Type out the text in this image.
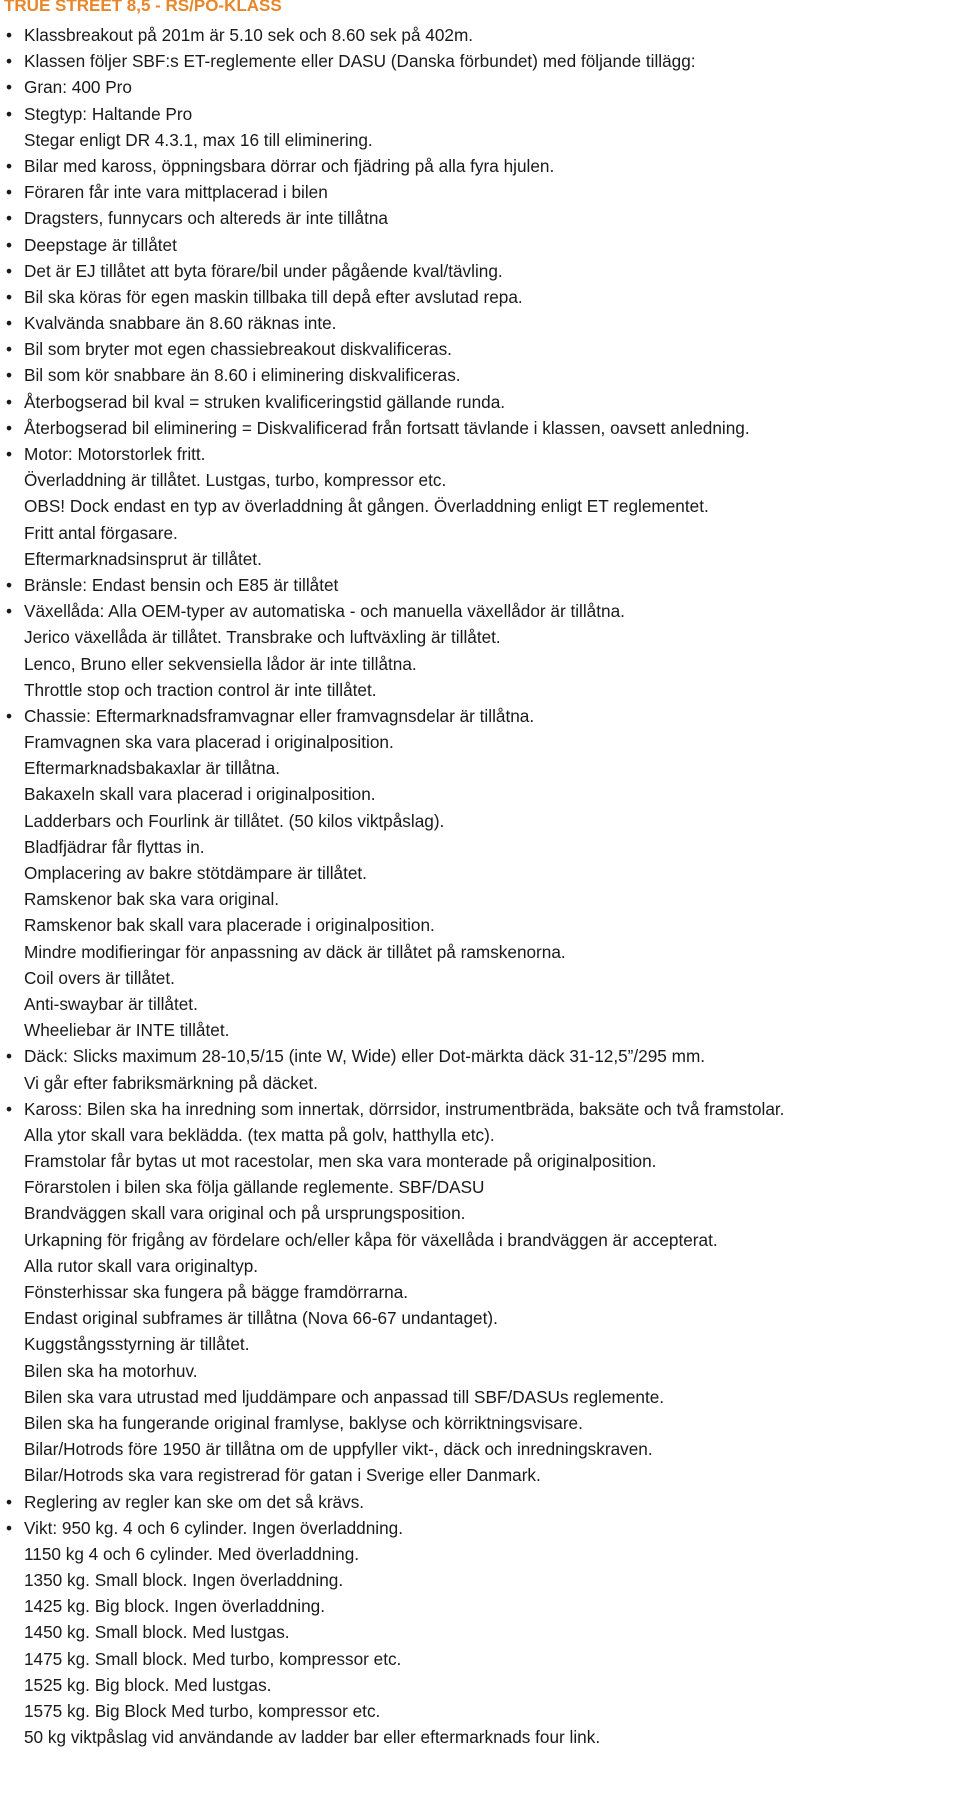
TRUE STREET 8,5 - RS/PO-KLASS
• Klassbreakout på 201m är 5.10 sek och 8.60 sek på 402m.
• Klassen följer SBF:s ET-reglemente eller DASU (Danska förbundet) med följande tillägg:
• Gran: 400 Pro
• Stegtyp: Haltande Pro
Stegar enligt DR 4.3.1, max 16 till eliminering.
• Bilar med kaross, öppningsbara dörrar och fjädring på alla fyra hjulen.
• Föraren får inte vara mittplacerad i bilen
• Dragsters, funnycars och altereds är inte tillåtna
• Deepstage är tillåtet
• Det är EJ tillåtet att byta förare/bil under pågående kval/tävling.
• Bil ska köras för egen maskin tillbaka till depå efter avslutad repa.
• Kvalvända snabbare än 8.60 räknas inte.
• Bil som bryter mot egen chassiebreakout diskvalificeras.
• Bil som kör snabbare än 8.60 i eliminering diskvalificeras.
• Återbogserad bil kval = struken kvalificeringstid gällande runda.
• Återbogserad bil eliminering = Diskvalificerad från fortsatt tävlande i klassen, oavsett anledning.
• Motor: Motorstorlek fritt.
Överladdning är tillåtet. Lustgas, turbo, kompressor etc.
OBS! Dock endast en typ av överladdning åt gången. Överladdning enligt ET reglementet.
Fritt antal förgasare.
Eftermarknadsinsprut är tillåtet.
• Bränsle: Endast bensin och E85 är tillåtet
• Växellåda: Alla OEM-typer av automatiska - och manuella växellådor är tillåtna.
Jerico växellåda är tillåtet. Transbrake och luftväxling är tillåtet.
Lenco, Bruno eller sekvensiella lådor är inte tillåtna.
Throttle stop och traction control är inte tillåtet.
• Chassie: Eftermarknadsframvagnar eller framvagnsdelar är tillåtna.
Framvagnen ska vara placerad i originalposition.
Eftermarknadsbakaxlar är tillåtna.
Bakaxeln skall vara placerad i originalposition.
Ladderbars och Fourlink är tillåtet. (50 kilos viktpåslag).
Bladfjädrar får flyttas in.
Omplacering av bakre stötdämpare är tillåtet.
Ramskenor bak ska vara original.
Ramskenor bak skall vara placerade i originalposition.
Mindre modifieringar för anpassning av däck är tillåtet på ramskenorna.
Coil overs är tillåtet.
Anti-swaybar är tillåtet.
Wheeliebar är INTE tillåtet.
• Däck: Slicks maximum 28-10,5/15 (inte W, Wide) eller Dot-märkta däck 31-12,5”/295 mm.
Vi går efter fabriksmärkning på däcket.
• Kaross: Bilen ska ha inredning som innertak, dörrsidor, instrumentbräda, baksäte och två framstolar.
Alla ytor skall vara beklädda. (tex matta på golv, hatthylla etc).
Framstolar får bytas ut mot racestolar, men ska vara monterade på originalposition.
Förarstolen i bilen ska följa gällande reglemente. SBF/DASU
Brandväggen skall vara original och på ursprungsposition.
Urkapning för frigång av fördelare och/eller kåpa för växellåda i brandväggen är accepterat.
Alla rutor skall vara originaltyp.
Fönsterhissar ska fungera på bägge framdörrarna.
Endast original subframes är tillåtna (Nova 66-67 undantaget).
Kuggstångsstyrning är tillåtet.
Bilen ska ha motorhuv.
Bilen ska vara utrustad med ljuddämpare och anpassad till SBF/DASUs reglemente.
Bilen ska ha fungerande original framlyse, baklyse och körriktningsvisare.
Bilar/Hotrods före 1950 är tillåtna om de uppfyller vikt-, däck och inredningskraven.
Bilar/Hotrods ska vara registrerad för gatan i Sverige eller Danmark.
• Reglering av regler kan ske om det så krävs.
• Vikt: 950 kg. 4 och 6 cylinder. Ingen överladdning.
1150 kg 4 och 6 cylinder. Med överladdning.
1350 kg. Small block. Ingen överladdning.
1425 kg. Big block. Ingen överladdning.
1450 kg. Small block. Med lustgas.
1475 kg. Small block. Med turbo, kompressor etc.
1525 kg. Big block. Med lustgas.
1575 kg. Big Block Med turbo, kompressor etc.
50 kg viktpåslag vid användande av ladder bar eller eftermarknads four link.
